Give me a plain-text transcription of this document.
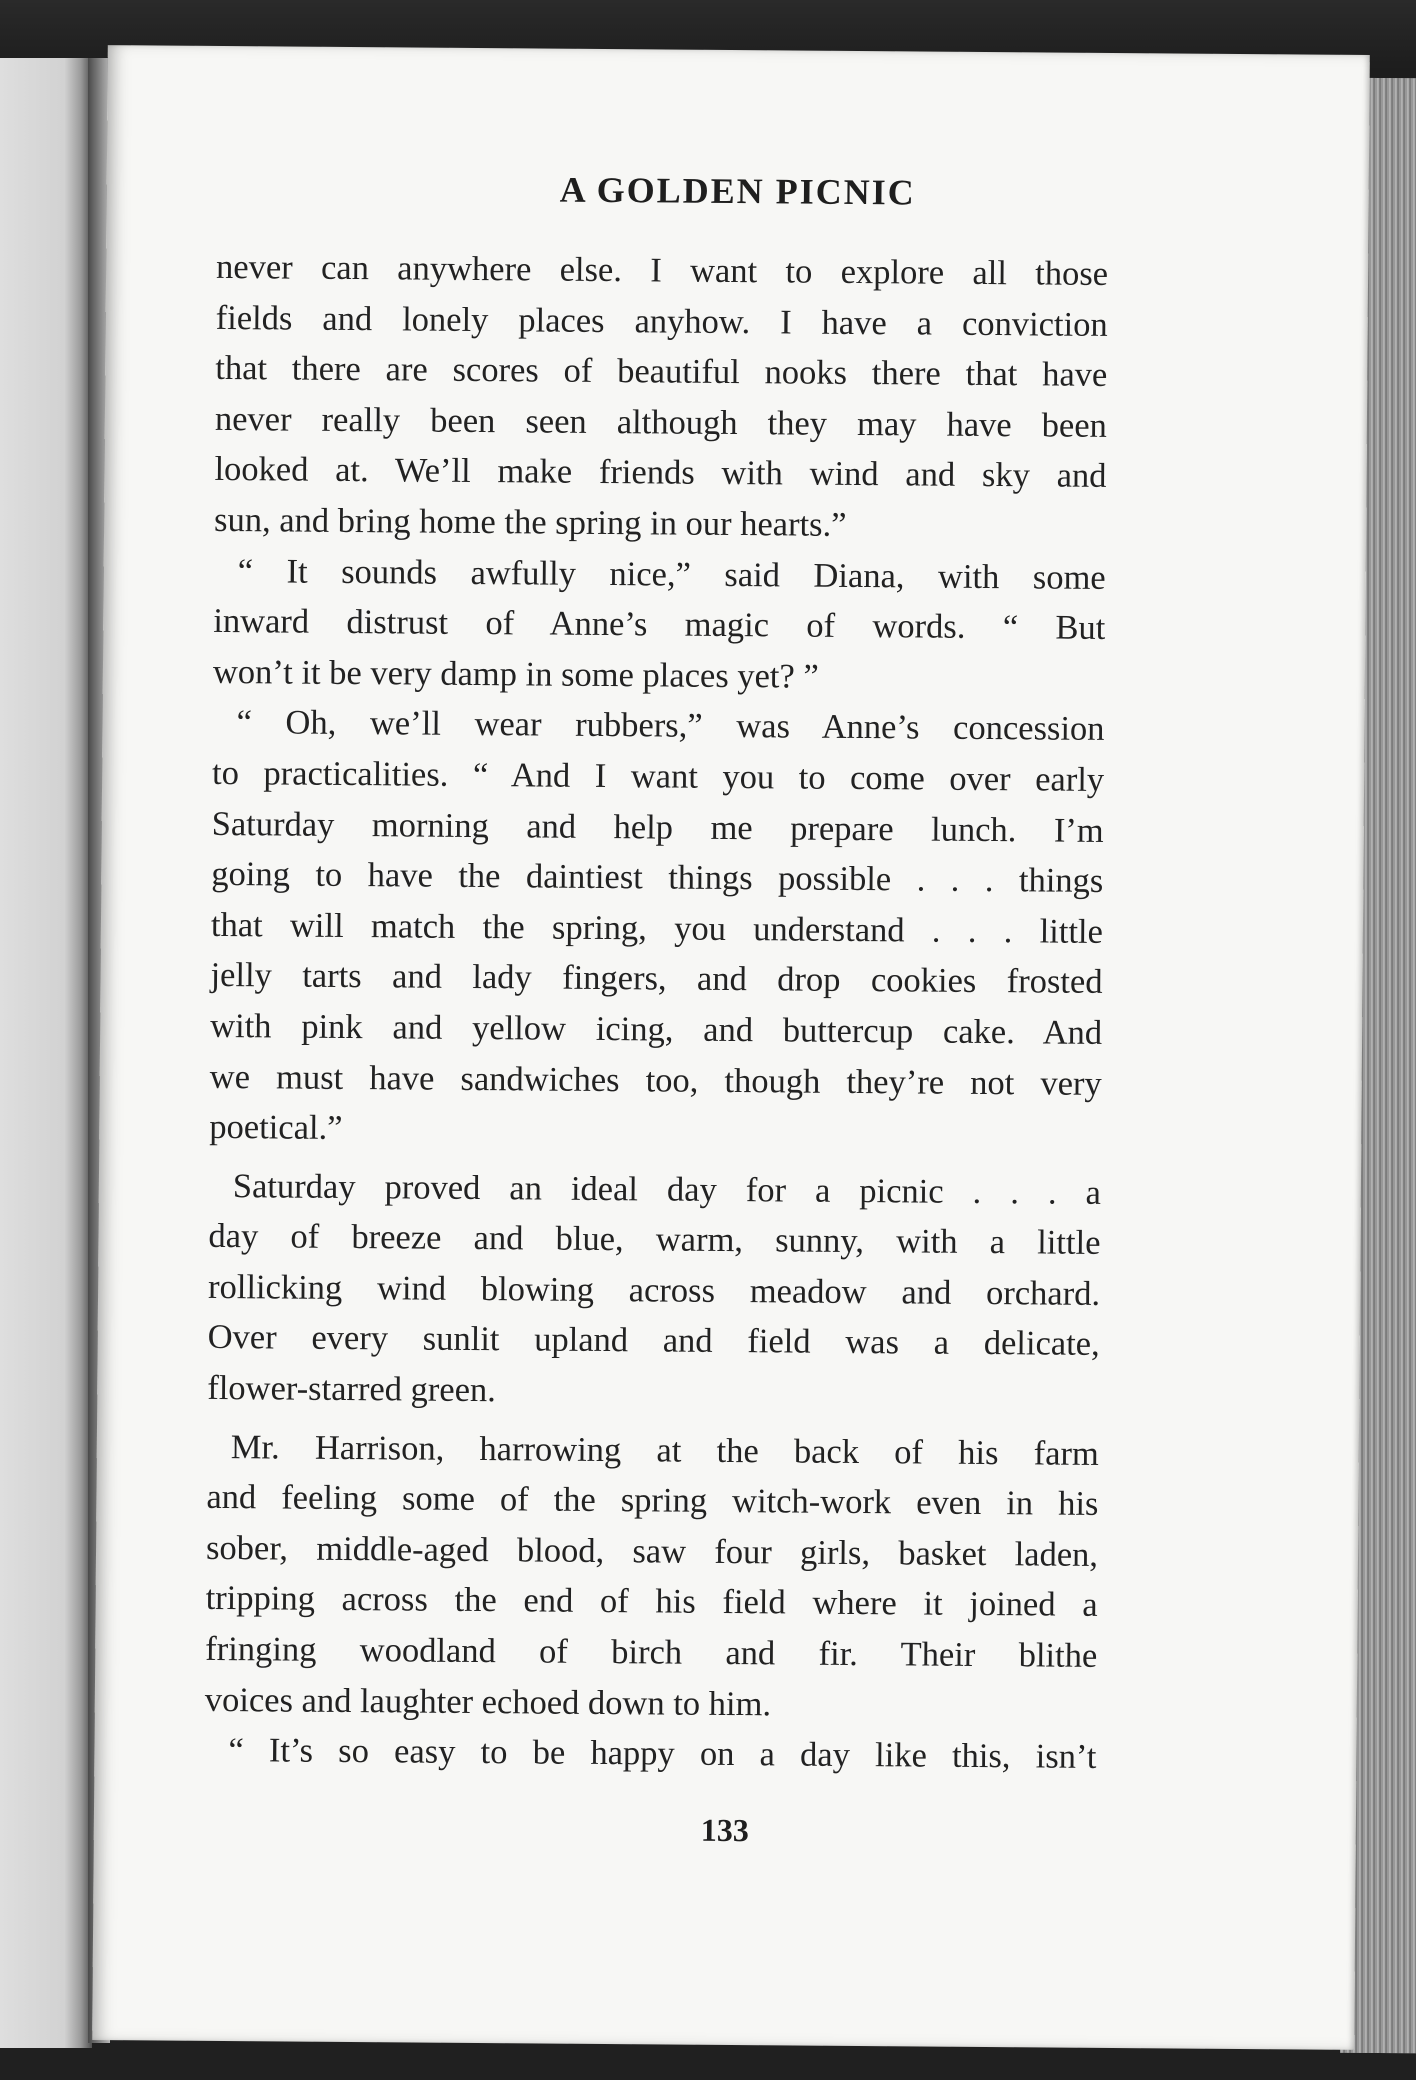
A GOLDEN PICNIC
never can anywhere else. I want to explore all those
fields and lonely places anyhow. I have a conviction
that there are scores of beautiful nooks there that have
never really been seen although they may have been
looked at. We’ll make friends with wind and sky and
sun, and bring home the spring in our hearts.”
“ It sounds awfully nice,” said Diana, with some
inward distrust of Anne’s magic of words. “ But
won’t it be very damp in some places yet? ”
“ Oh, we’ll wear rubbers,” was Anne’s concession
to practicalities. “ And I want you to come over early
Saturday morning and help me prepare lunch. I’m
going to have the daintiest things possible . . . things
that will match the spring, you understand . . . little
jelly tarts and lady fingers, and drop cookies frosted
with pink and yellow icing, and buttercup cake. And
we must have sandwiches too, though they’re not very
poetical.”
Saturday proved an ideal day for a picnic . . . a
day of breeze and blue, warm, sunny, with a little
rollicking wind blowing across meadow and orchard.
Over every sunlit upland and field was a delicate,
flower-starred green.
Mr. Harrison, harrowing at the back of his farm
and feeling some of the spring witch-work even in his
sober, middle-aged blood, saw four girls, basket laden,
tripping across the end of his field where it joined a
fringing woodland of birch and fir. Their blithe
voices and laughter echoed down to him.
“ It’s so easy to be happy on a day like this, isn’t
133
